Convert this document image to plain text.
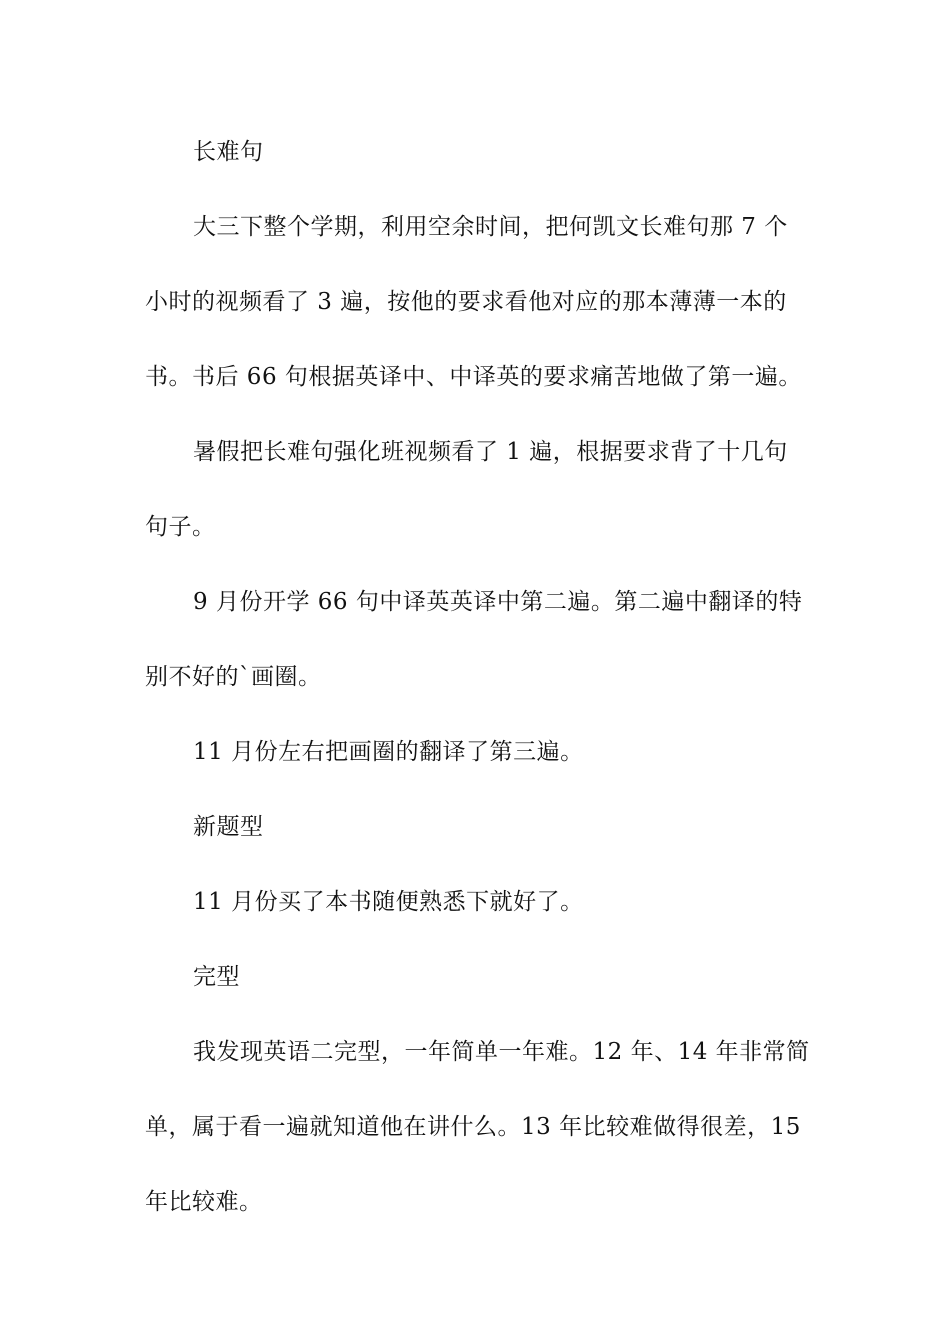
长难句
大三下整个学期，利用空余时间，把何凯文长难句那 7 个
小时的视频看了 3 遍，按他的要求看他对应的那本薄薄一本的
书。书后 66 句根据英译中、中译英的要求痛苦地做了第一遍。
暑假把长难句强化班视频看了 1 遍，根据要求背了十几句
句子。
9 月份开学 66 句中译英英译中第二遍。第二遍中翻译的特
别不好的`画圈。
11 月份左右把画圈的翻译了第三遍。
新题型
11 月份买了本书随便熟悉下就好了。
完型
我发现英语二完型，一年简单一年难。12 年、14 年非常简
单，属于看一遍就知道他在讲什么。13 年比较难做得很差，15
年比较难。
